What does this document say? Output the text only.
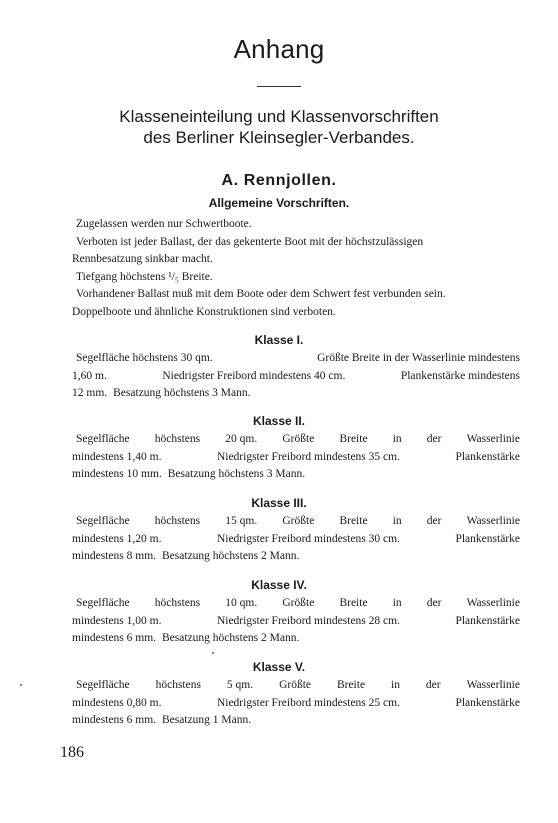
Anhang
Klasseneinteilung und Klassenvorschriften
des Berliner Kleinsegler-Verbandes.
A. Rennjollen.
Allgemeine Vorschriften.
Zugelassen werden nur Schwertboote.
Verboten ist jeder Ballast, der das gekenterte Boot mit der höchstzulässigen
Rennbesatzung sinkbar macht.
Tiefgang höchstens ¹/₅ Breite.
Vorhandener Ballast muß mit dem Boote oder dem Schwert fest verbunden sein.
Doppelboote und ähnliche Konstruktionen sind verboten.
Klasse I.
Segelfläche höchstens 30 qm.	Größte Breite in der Wasserlinie mindestens
1,60 m.	Niedrigster Freibord mindestens 40 cm.	Plankenstärke mindestens
12 mm. Besatzung höchstens 3 Mann.
Klasse II.
Segelfläche höchstens 20 qm. Größte Breite in der Wasserlinie
mindestens 1,40 m.	Niedrigster Freibord mindestens 35 cm.	Plankenstärke
mindestens 10 mm. Besatzung höchstens 3 Mann.
Klasse III.
Segelfläche höchstens 15 qm. Größte Breite in der Wasserlinie
mindestens 1,20 m.	Niedrigster Freibord mindestens 30 cm.	Plankenstärke
mindestens 8 mm. Besatzung höchstens 2 Mann.
Klasse IV.
Segelfläche höchstens 10 qm. Größte Breite in der Wasserlinie
mindestens 1,00 m.	Niedrigster Freibord mindestens 28 cm.	Plankenstärke
mindestens 6 mm. Besatzung höchstens 2 Mann.
Klasse V.
Segelfläche höchstens 5 qm. Größte Breite in der Wasserlinie
mindestens 0,80 m.	Niedrigster Freibord mindestens 25 cm.	Plankenstärke
mindestens 6 mm. Besatzung 1 Mann.
186
